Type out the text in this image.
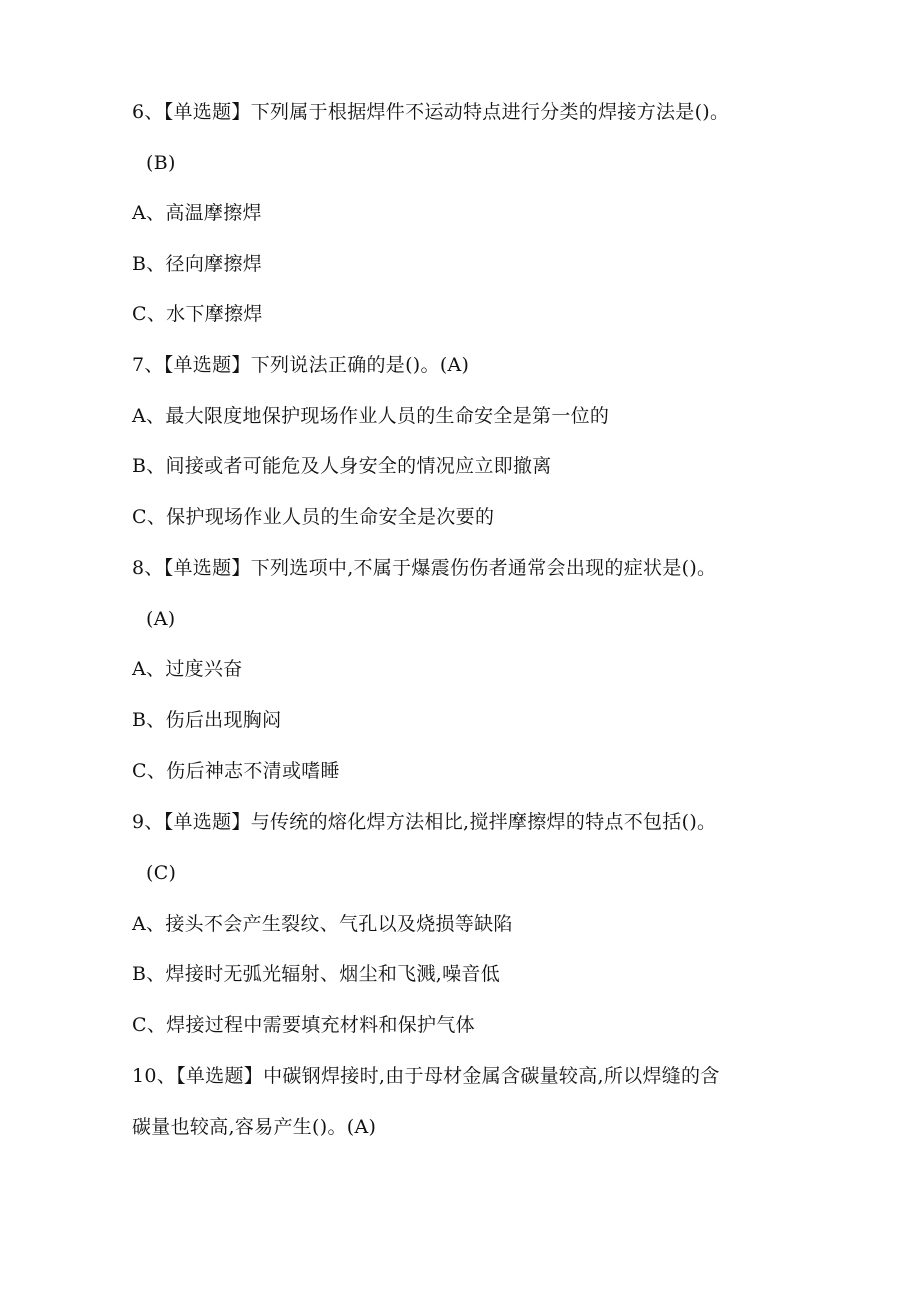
6、【单选题】下列属于根据焊件不运动特点进行分类的焊接方法是()。
(B)
A、高温摩擦焊
B、径向摩擦焊
C、水下摩擦焊
7、【单选题】下列说法正确的是()。(A)
A、最大限度地保护现场作业人员的生命安全是第一位的
B、间接或者可能危及人身安全的情况应立即撤离
C、保护现场作业人员的生命安全是次要的
8、【单选题】下列选项中,不属于爆震伤伤者通常会出现的症状是()。
(A)
A、过度兴奋
B、伤后出现胸闷
C、伤后神志不清或嗜睡
9、【单选题】与传统的熔化焊方法相比,搅拌摩擦焊的特点不包括()。
(C)
A、接头不会产生裂纹、气孔以及烧损等缺陷
B、焊接时无弧光辐射、烟尘和飞溅,噪音低
C、焊接过程中需要填充材料和保护气体
10、【单选题】中碳钢焊接时,由于母材金属含碳量较高,所以焊缝的含
碳量也较高,容易产生()。(A)
